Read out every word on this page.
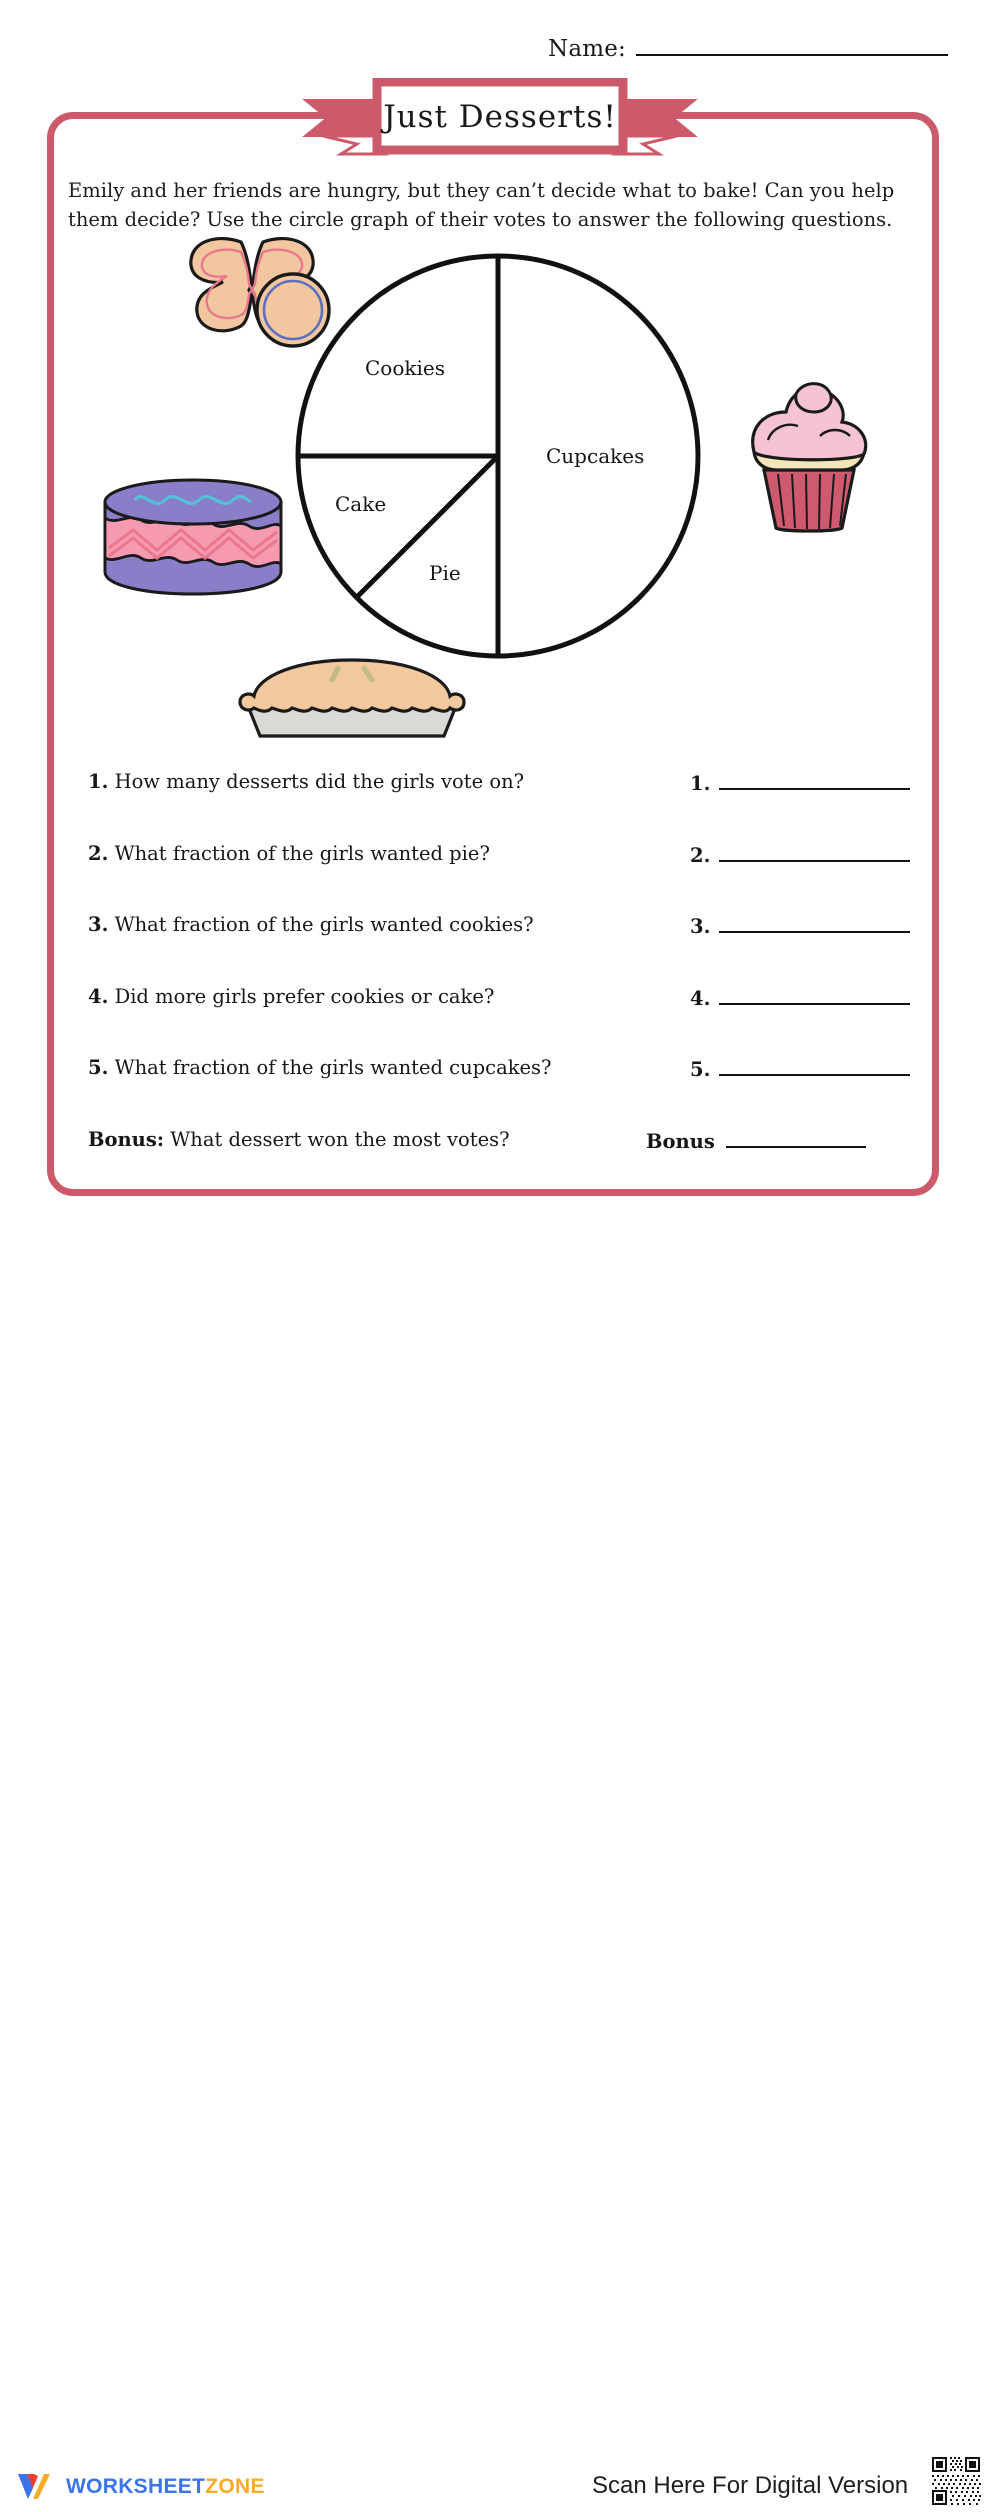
Name:
Just Desserts!
Emily and her friends are hungry, but they can’t decide what to bake! Can you help them decide? Use the circle graph of their votes to answer the following questions.
Cookies
Cupcakes
Cake
Pie
1. How many desserts did the girls vote on?	1.
2. What fraction of the girls wanted pie?	2.
3. What fraction of the girls wanted cookies?	3.
4. Did more girls prefer cookies or cake?	4.
5. What fraction of the girls wanted cupcakes?	5.
Bonus: What dessert won the most votes?	Bonus
WORKSHEETZONE	Scan Here For Digital Version
